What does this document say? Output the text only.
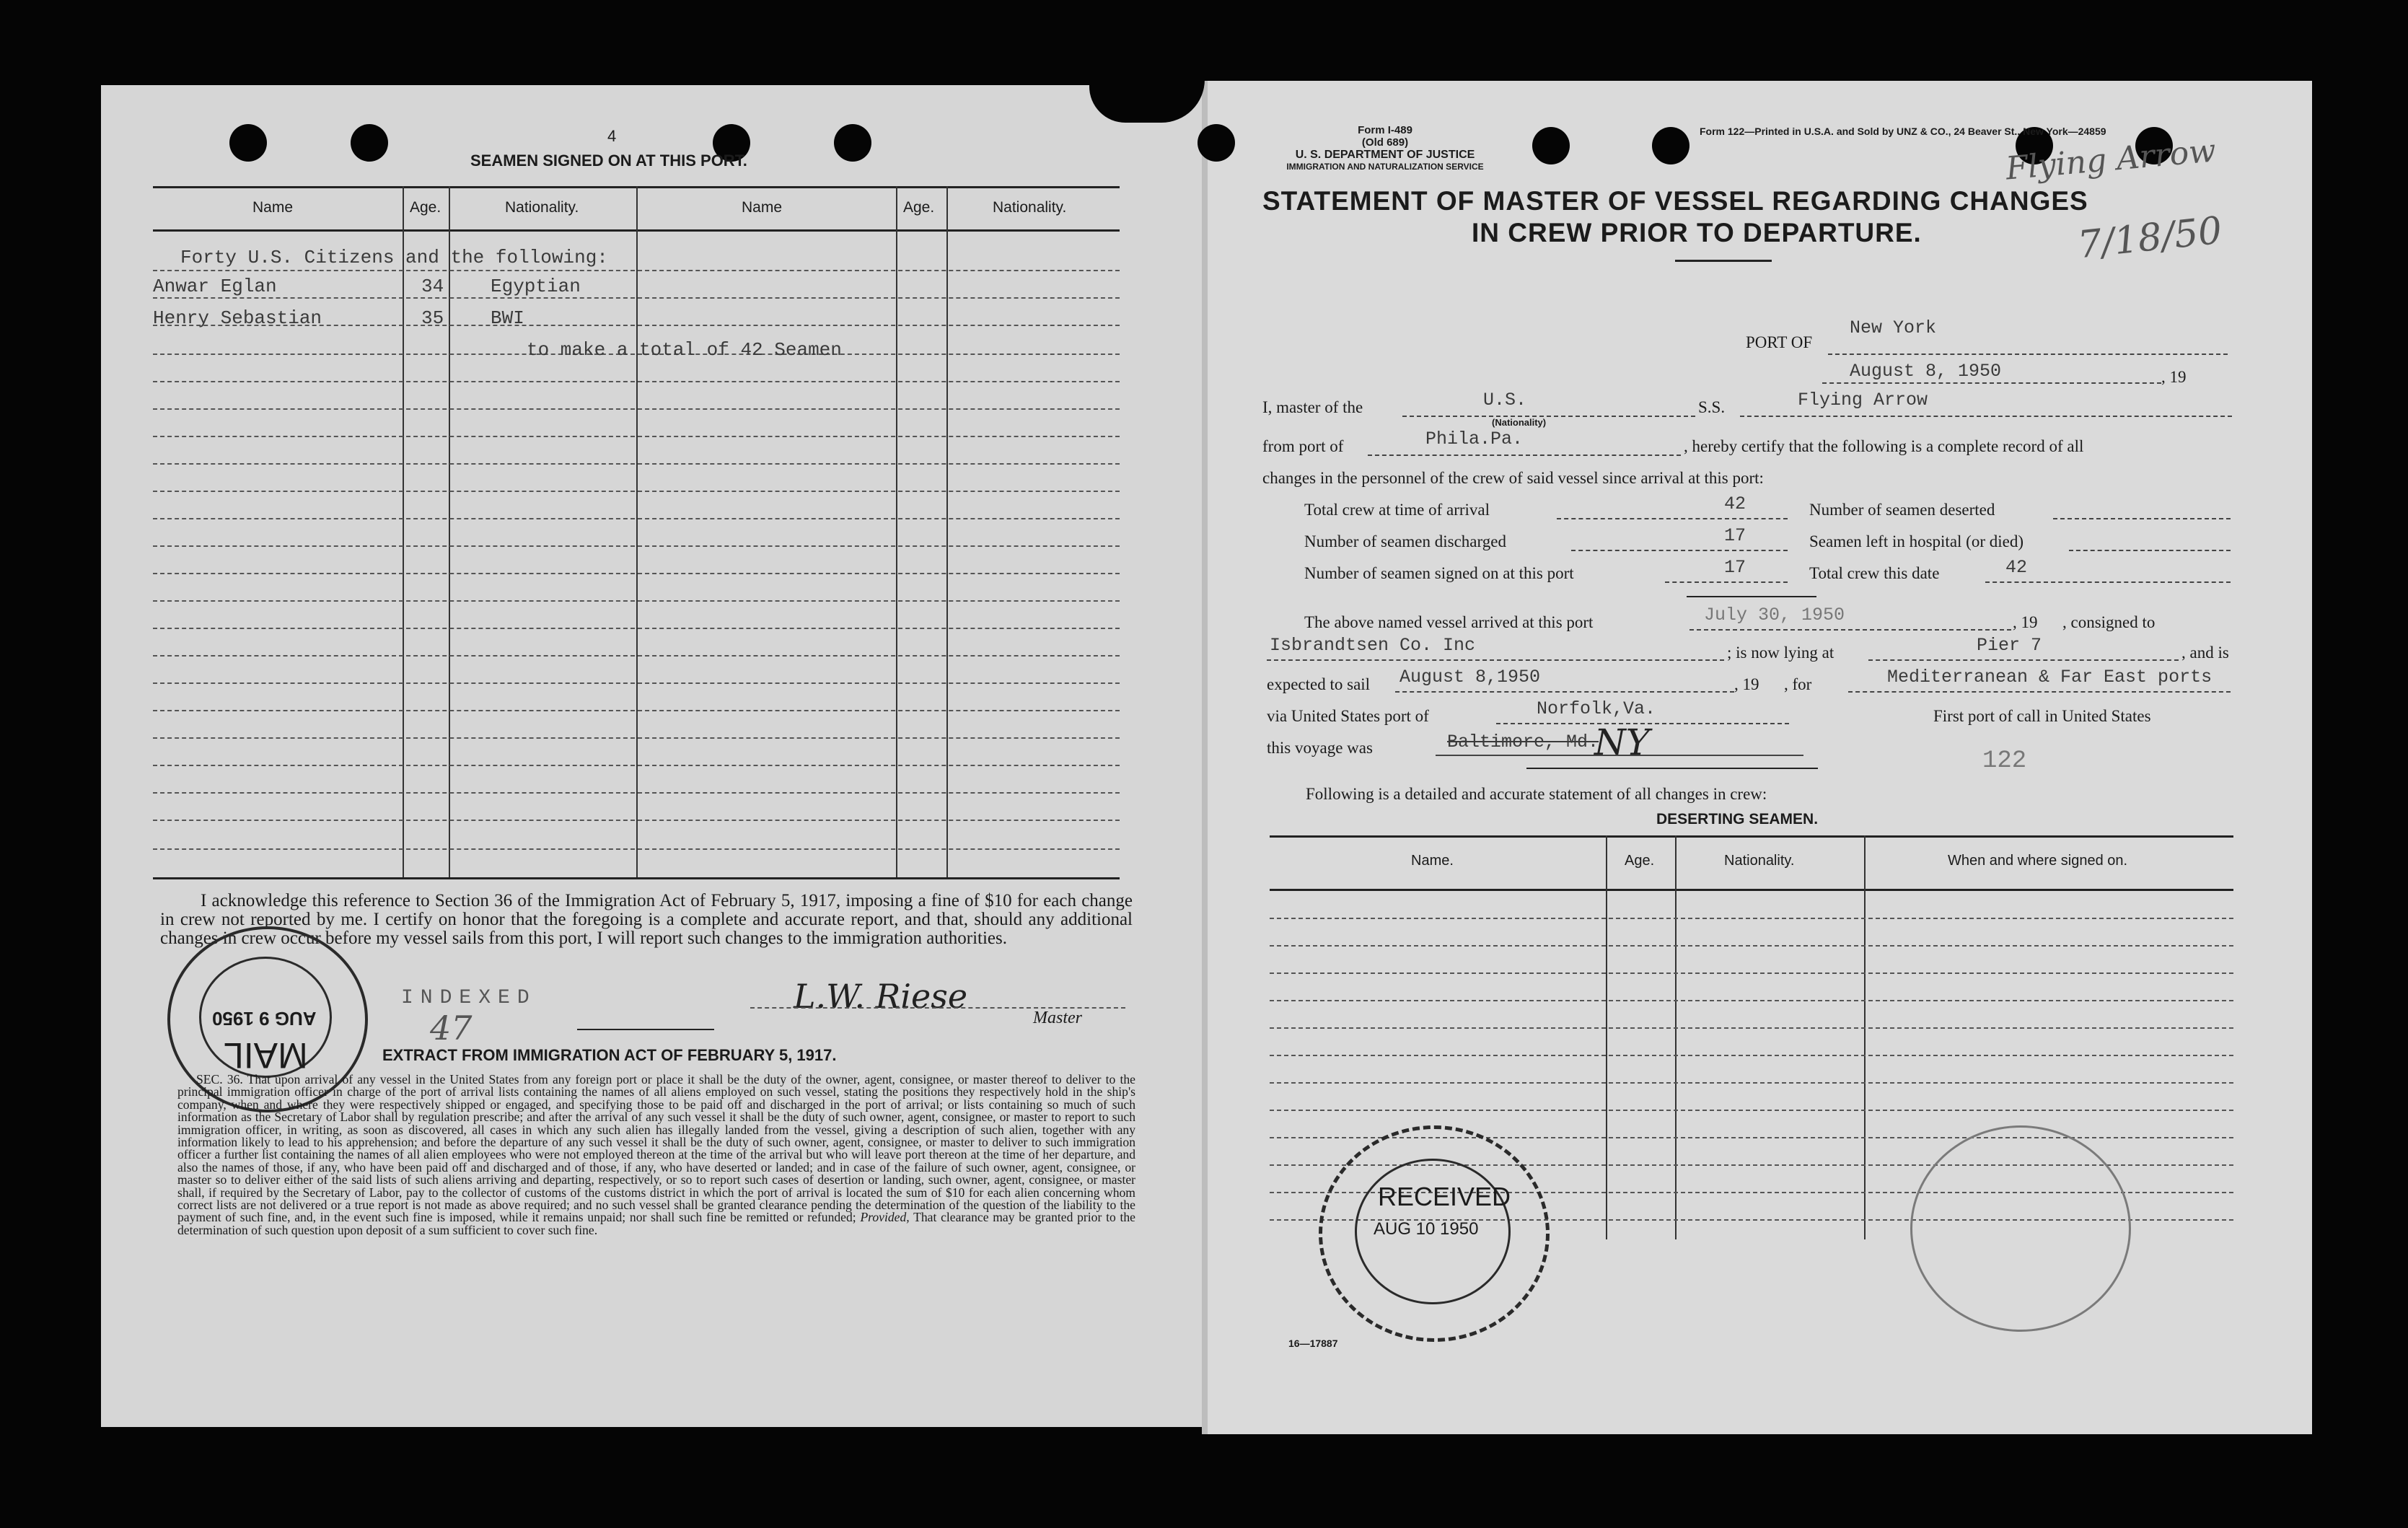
4
SEAMEN SIGNED ON AT THIS PORT.
Name	Age.	Nationality.	Name	Age.	Nationality.
Forty U.S. Citizens and the following:
Anwar Eglan	34 Egyptian
Henry Sebastian	35 BWI
to make a total of 42 Seamen
I acknowledge this reference to Section 36 of the Immigration Act of February 5, 1917, imposing a fine of $10 for each change in crew not reported by me. I certify on honor that the foregoing is a complete and accurate report, and that, should any additional changes in crew occur before my vessel sails from this port, I will report such changes to the immigration authorities.
INDEXED
47
L.W. Riese
Master
AUG 9 1950
MAIL	EXTRACT FROM IMMIGRATION ACT OF FEBRUARY 5, 1917.
SEC. 36. That upon arrival of any vessel in the United States from any foreign port or place it shall be the duty of the owner, agent, consignee, or master thereof to deliver to the principal immigration officer in charge of the port of arrival lists containing the names of all aliens employed on such vessel, stating the positions they respectively hold in the ship's company, when and where they were respectively shipped or engaged, and specifying those to be paid off and discharged in the port of arrival; or lists containing so much of such information as the Secretary of Labor shall by regulation prescribe; and after the arrival of any such vessel it shall be the duty of such owner, agent, consignee, or master to report to such immigration officer, in writing, as soon as discovered, all cases in which any such alien has illegally landed from the vessel, giving a description of such alien, together with any information likely to lead to his apprehension; and before the departure of any such vessel it shall be the duty of such owner, agent, consignee, or master to deliver to such immigration officer a further list containing the names of all alien employees who were not employed thereon at the time of the arrival but who will leave port thereon at the time of her departure, and also the names of those, if any, who have been paid off and discharged and of those, if any, who have deserted or landed; and in case of the failure of such owner, agent, consignee, or master so to deliver either of the said lists of such aliens arriving and departing, respectively, or so to report such cases of desertion or landing, such owner, agent, consignee, or master shall, if required by the Secretary of Labor, pay to the collector of customs of the customs district in which the port of arrival is located the sum of $10 for each alien concerning whom correct lists are not delivered or a true report is not made as above required; and no such vessel shall be granted clearance pending the determination of the question of the liability to the payment of such fine, and, in the event such fine is imposed, while it remains unpaid; nor shall such fine be remitted or refunded; Provided, That clearance may be granted prior to the determination of such question upon deposit of a sum sufficient to cover such fine.
Form I-489
(Old 689)
U. S. DEPARTMENT OF JUSTICE
IMMIGRATION AND NATURALIZATION SERVICE
Form 122—Printed in U.S.A. and Sold by UNZ & CO., 24 Beaver St., New York—24859
Flying Arrow
7/18/50
STATEMENT OF MASTER OF VESSEL REGARDING CHANGES
IN CREW PRIOR TO DEPARTURE.
PORT OF
New York
August 8, 1950	, 19
I, master of the	U.S.
(Nationality)
S.S.	Flying Arrow
from port of	Phila.Pa.	, hereby certify that the following is a complete record of all
changes in the personnel of the crew of said vessel since arrival at this port:
Total crew at time of arrival	42	Number of seamen deserted
Number of seamen discharged	17	Seamen left in hospital (or died)
Number of seamen signed on at this port	17	Total crew this date	42
The above named vessel arrived at this port	July 30, 1950	, 19      , consigned to
Isbrandtsen Co. Inc	; is now lying at	Pier 7	, and is
expected to sail August 8,1950	, 19      , for	Mediterranean & Far East ports
via United States port of	Norfolk,Va.	First port of call in United States
this voyage was	Baltimore, Md.
NY	122
Following is a detailed and accurate statement of all changes in crew:
DESERTING SEAMEN.
Name.	Age.	Nationality.	When and where signed on.
RECEIVED
AUG 10 1950
16—17887
